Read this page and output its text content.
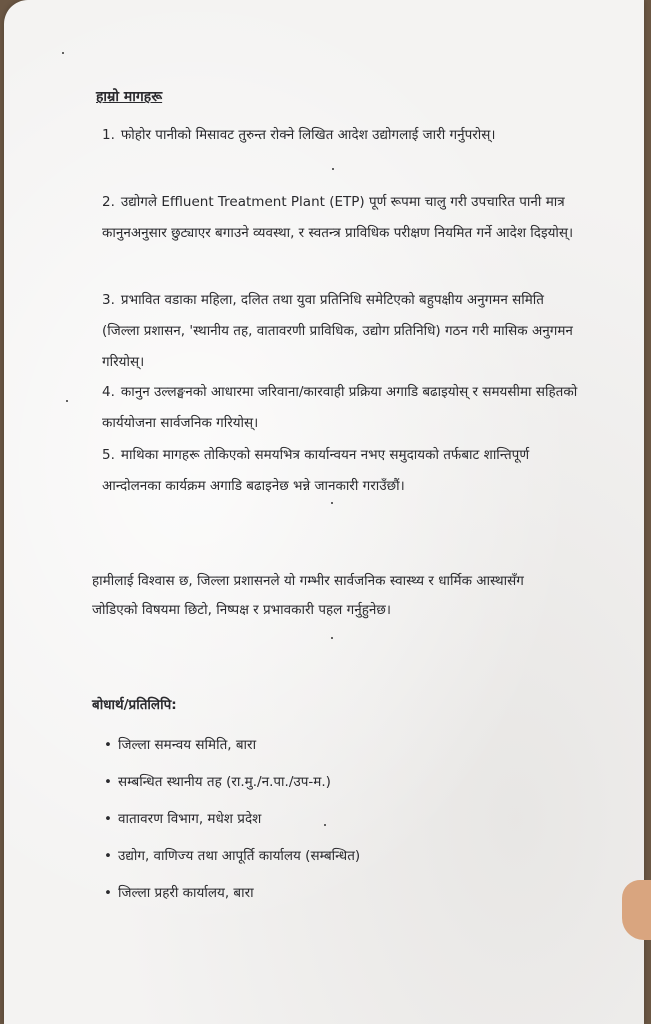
हाम्रो मागहरू
1. फोहोर पानीको मिसावट तुरुन्त रोक्ने लिखित आदेश उद्योगलाई जारी गर्नुपरोस्।
2. उद्योगले Effluent Treatment Plant (ETP) पूर्ण रूपमा चालु गरी उपचारित पानी मात्र कानुनअनुसार छुट्याएर बगाउने व्यवस्था, र स्वतन्त्र प्राविधिक परीक्षण नियमित गर्ने आदेश दिइयोस्।
3. प्रभावित वडाका महिला, दलित तथा युवा प्रतिनिधि समेटिएको बहुपक्षीय अनुगमन समिति (जिल्ला प्रशासन, 'स्थानीय तह, वातावरणी प्राविधिक, उद्योग प्रतिनिधि) गठन गरी मासिक अनुगमन गरियोस्।
4. कानुन उल्लङ्घनको आधारमा जरिवाना/कारवाही प्रक्रिया अगाडि बढाइयोस् र समयसीमा सहितको कार्ययोजना सार्वजनिक गरियोस्।
5. माथिका मागहरू तोकिएको समयभित्र कार्यान्वयन नभए समुदायको तर्फबाट शान्तिपूर्ण आन्दोलनका कार्यक्रम अगाडि बढाइनेछ भन्ने जानकारी गराउँछौं।
हामीलाई विश्वास छ, जिल्ला प्रशासनले यो गम्भीर सार्वजनिक स्वास्थ्य र धार्मिक आस्थासँग जोडिएको विषयमा छिटो, निष्पक्ष र प्रभावकारी पहल गर्नुहुनेछ।
बोधार्थ/प्रतिलिपि:
• जिल्ला समन्वय समिति, बारा
• सम्बन्धित स्थानीय तह (रा.मु./न.पा./उप-म.)
• वातावरण विभाग, मधेश प्रदेश
• उद्योग, वाणिज्य तथा आपूर्ति कार्यालय (सम्बन्धित)
• जिल्ला प्रहरी कार्यालय, बारा
